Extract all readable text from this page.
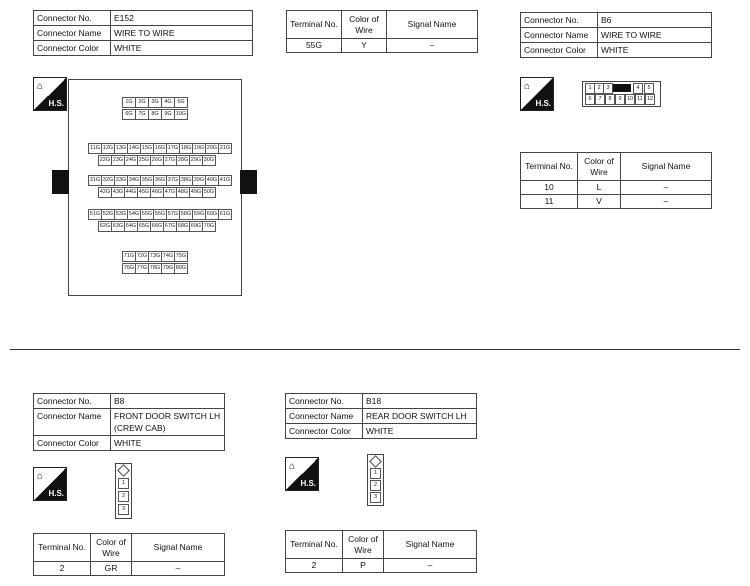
Connector No.	E152
Connector Name	WIRE TO WIRE
Connector Color	WHITE
⌂
H.S.	1G	2G	3G	4G	5G
6G	7G	8G	9G 10G
11G 12G 13G 14G 15G 16G 17G 18G 19G 20G 21G
22G 23G 24G 25G 26G 27G 28G 29G 30G
31G 32G 33G 34G 35G 36G 37G 38G 39G 40G 41G
42G 43G 44G 45G 46G 47G 48G 49G 50G
51G 52G 53G 54G 55G 56G 57G 58G 59G 60G 61G
62G 63G 64G 65G 66G 67G 68G 69G 70G
71G 72G 73G 74G 75G
76G 77G 78G 79G 80G
Terminal No.	Color of Wire	Signal Name
55G	Y	–
Connector No.	B6
Connector Name	WIRE TO WIRE
Connector Color	WHITE
⌂
H.S.
1	2	3	4	5
6	7	8	9 10 11 12
Terminal No.	Color of Wire	Signal Name
10	L	–
11	V	–
Connector No.	B8
Connector Name	FRONT DOOR SWITCH LH (CREW CAB)
Connector Color	WHITE
⌂
H.S.
1
2
3
Terminal No.	Color of Wire	Signal Name
2	GR	–
Connector No.	B18
Connector Name	REAR DOOR SWITCH LH
Connector Color	WHITE
⌂
H.S.
1
2
3
Terminal No.	Color of Wire	Signal Name
2	P	–
